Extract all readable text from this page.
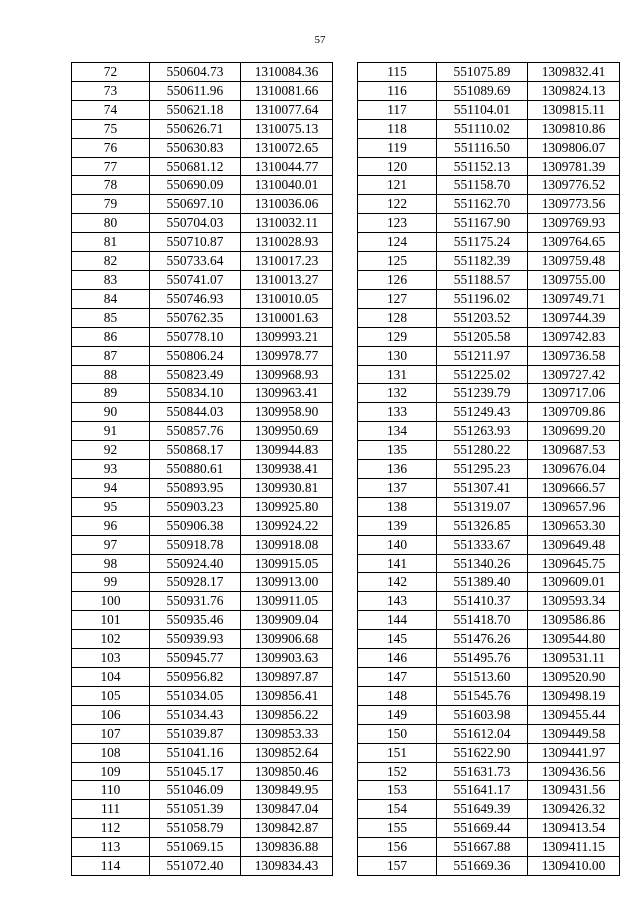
57
72	550604.73	1310084.36
73	550611.96	1310081.66
74	550621.18	1310077.64
75	550626.71	1310075.13
76	550630.83	1310072.65
77	550681.12	1310044.77
78	550690.09	1310040.01
79	550697.10	1310036.06
80	550704.03	1310032.11
81	550710.87	1310028.93
82	550733.64	1310017.23
83	550741.07	1310013.27
84	550746.93	1310010.05
85	550762.35	1310001.63
86	550778.10	1309993.21
87	550806.24	1309978.77
88	550823.49	1309968.93
89	550834.10	1309963.41
90	550844.03	1309958.90
91	550857.76	1309950.69
92	550868.17	1309944.83
93	550880.61	1309938.41
94	550893.95	1309930.81
95	550903.23	1309925.80
96	550906.38	1309924.22
97	550918.78	1309918.08
98	550924.40	1309915.05
99	550928.17	1309913.00
100	550931.76	1309911.05
101	550935.46	1309909.04
102	550939.93	1309906.68
103	550945.77	1309903.63
104	550956.82	1309897.87
105	551034.05	1309856.41
106	551034.43	1309856.22
107	551039.87	1309853.33
108	551041.16	1309852.64
109	551045.17	1309850.46
110	551046.09	1309849.95
111	551051.39	1309847.04
112	551058.79	1309842.87
113	551069.15	1309836.88
114	551072.40	1309834.43
115	551075.89	1309832.41
116	551089.69	1309824.13
117	551104.01	1309815.11
118	551110.02	1309810.86
119	551116.50	1309806.07
120	551152.13	1309781.39
121	551158.70	1309776.52
122	551162.70	1309773.56
123	551167.90	1309769.93
124	551175.24	1309764.65
125	551182.39	1309759.48
126	551188.57	1309755.00
127	551196.02	1309749.71
128	551203.52	1309744.39
129	551205.58	1309742.83
130	551211.97	1309736.58
131	551225.02	1309727.42
132	551239.79	1309717.06
133	551249.43	1309709.86
134	551263.93	1309699.20
135	551280.22	1309687.53
136	551295.23	1309676.04
137	551307.41	1309666.57
138	551319.07	1309657.96
139	551326.85	1309653.30
140	551333.67	1309649.48
141	551340.26	1309645.75
142	551389.40	1309609.01
143	551410.37	1309593.34
144	551418.70	1309586.86
145	551476.26	1309544.80
146	551495.76	1309531.11
147	551513.60	1309520.90
148	551545.76	1309498.19
149	551603.98	1309455.44
150	551612.04	1309449.58
151	551622.90	1309441.97
152	551631.73	1309436.56
153	551641.17	1309431.56
154	551649.39	1309426.32
155	551669.44	1309413.54
156	551667.88	1309411.15
157	551669.36	1309410.00
